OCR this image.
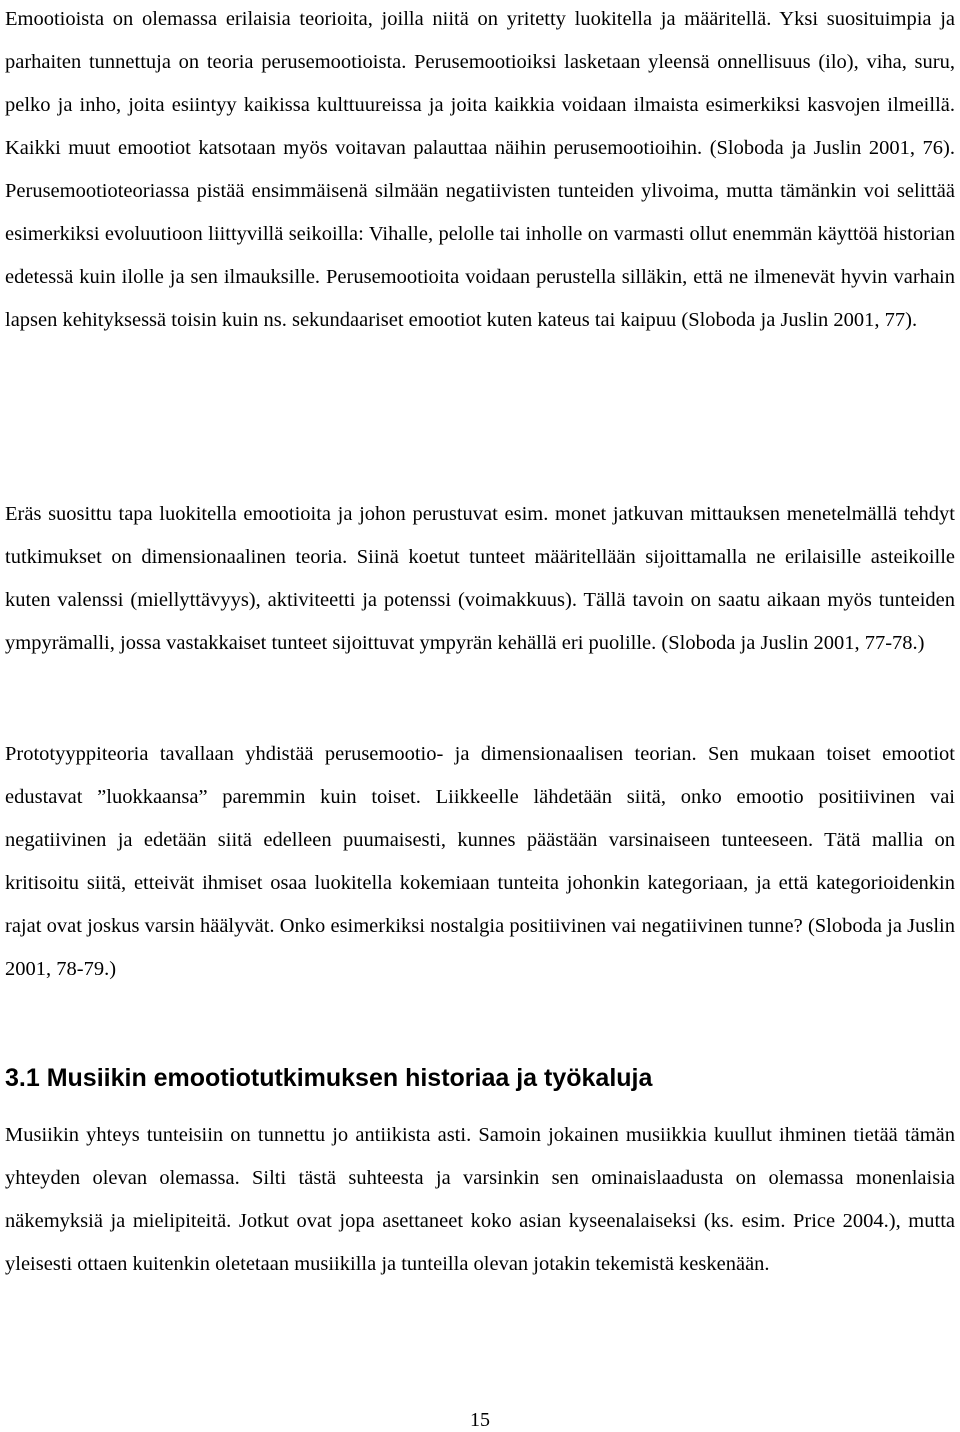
Emootioista on olemassa erilaisia teorioita, joilla niitä on yritetty luokitella ja määritellä. Yksi suosituimpia ja parhaiten tunnettuja on teoria perusemootioista. Perusemootioiksi lasketaan yleensä onnellisuus (ilo), viha, suru, pelko ja inho, joita esiintyy kaikissa kulttuureissa ja joita kaikkia voidaan ilmaista esimerkiksi kasvojen ilmeillä. Kaikki muut emootiot katsotaan myös voitavan palauttaa näihin perusemootioihin. (Sloboda ja Juslin 2001, 76). Perusemootioteoriassa pistää ensimmäisenä silmään negatiivisten tunteiden ylivoima, mutta tämänkin voi selittää esimerkiksi evoluutioon liittyvillä seikoilla: Vihalle, pelolle tai inholle on varmasti ollut enemmän käyttöä historian edetessä kuin ilolle ja sen ilmauksille. Perusemootioita voidaan perustella silläkin, että ne ilmenevät hyvin varhain lapsen kehityksessä toisin kuin ns. sekundaariset emootiot kuten kateus tai kaipuu (Sloboda ja Juslin 2001, 77).

Eräs suosittu tapa luokitella emootioita ja johon perustuvat esim. monet jatkuvan mittauksen menetelmällä tehdyt tutkimukset on dimensionaalinen teoria. Siinä koetut tunteet määritellään sijoittamalla ne erilaisille asteikoille kuten valenssi (miellyttävyys), aktiviteetti ja potenssi (voimakkuus). Tällä tavoin on saatu aikaan myös tunteiden ympyrämalli, jossa vastakkaiset tunteet sijoittuvat ympyrän kehällä eri puolille. (Sloboda ja Juslin 2001, 77-78.)

Prototyyppiteoria tavallaan yhdistää perusemootio- ja dimensionaalisen teorian. Sen mukaan toiset emootiot edustavat ”luokkaansa” paremmin kuin toiset. Liikkeelle lähdetään siitä, onko emootio positiivinen vai negatiivinen ja edetään siitä edelleen puumaisesti, kunnes päästään varsinaiseen tunteeseen. Tätä mallia on kritisoitu siitä, etteivät ihmiset osaa luokitella kokemiaan tunteita johonkin kategoriaan, ja että kategorioidenkin rajat ovat joskus varsin häälyvät. Onko esimerkiksi nostalgia positiivinen vai negatiivinen tunne? (Sloboda ja Juslin 2001, 78-79.)

3.1 Musiikin emootiotutkimuksen historiaa ja työkaluja

Musiikin yhteys tunteisiin on tunnettu jo antiikista asti. Samoin jokainen musiikkia kuullut ihminen tietää tämän yhteyden olevan olemassa. Silti tästä suhteesta ja varsinkin sen ominaislaadusta on olemassa monenlaisia näkemyksiä ja mielipiteitä. Jotkut ovat jopa asettaneet koko asian kyseenalaiseksi (ks. esim. Price 2004.), mutta yleisesti ottaen kuitenkin oletetaan musiikilla ja tunteilla olevan jotakin tekemistä keskenään.

15
